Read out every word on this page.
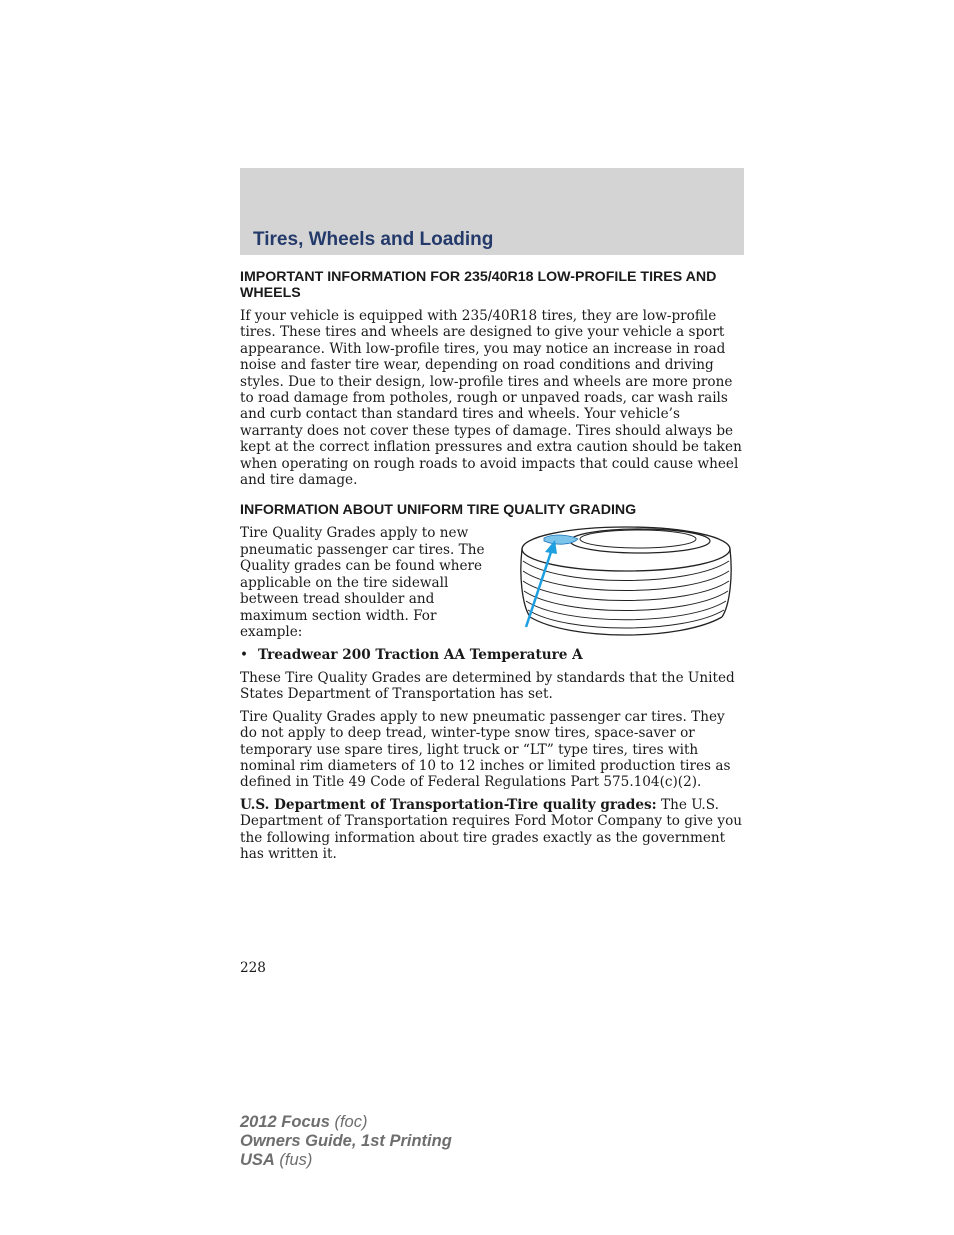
Tires, Wheels and Loading
IMPORTANT INFORMATION FOR 235/40R18 LOW-PROFILE TIRES AND WHEELS

If your vehicle is equipped with 235/40R18 tires, they are low-profile tires. These tires and wheels are designed to give your vehicle a sport appearance. With low-profile tires, you may notice an increase in road noise and faster tire wear, depending on road conditions and driving styles. Due to their design, low-profile tires and wheels are more prone to road damage from potholes, rough or unpaved roads, car wash rails and curb contact than standard tires and wheels. Your vehicle’s warranty does not cover these types of damage. Tires should always be kept at the correct inflation pressures and extra caution should be taken when operating on rough roads to avoid impacts that could cause wheel and tire damage.

INFORMATION ABOUT UNIFORM TIRE QUALITY GRADING

Tire Quality Grades apply to new pneumatic passenger car tires. The Quality grades can be found where applicable on the tire sidewall between tread shoulder and maximum section width. For example:

• Treadwear 200 Traction AA Temperature A

These Tire Quality Grades are determined by standards that the United States Department of Transportation has set.

Tire Quality Grades apply to new pneumatic passenger car tires. They do not apply to deep tread, winter-type snow tires, space-saver or temporary use spare tires, light truck or “LT” type tires, tires with nominal rim diameters of 10 to 12 inches or limited production tires as defined in Title 49 Code of Federal Regulations Part 575.104(c)(2).

U.S. Department of Transportation-Tire quality grades: The U.S. Department of Transportation requires Ford Motor Company to give you the following information about tire grades exactly as the government has written it.

228
2012 Focus (foc)
Owners Guide, 1st Printing
USA (fus)
